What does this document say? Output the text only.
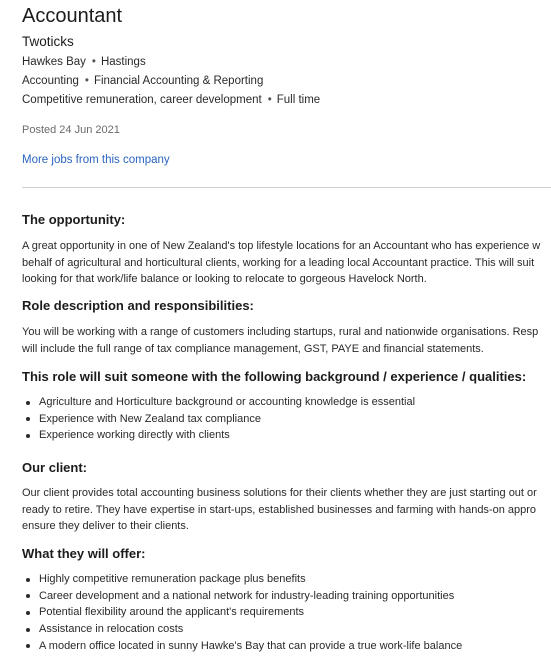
Accountant
Twoticks
Hawkes Bay • Hastings
Accounting • Financial Accounting & Reporting
Competitive remuneration, career development • Full time
Posted 24 Jun 2021
More jobs from this company
The opportunity:

A great opportunity in one of New Zealand's top lifestyle locations for an Accountant who has experience w
behalf of agricultural and horticultural clients, working for a leading local Accountant practice. This will suit
looking for that work/life balance or looking to relocate to gorgeous Havelock North.

Role description and responsibilities:

You will be working with a range of customers including startups, rural and nationwide organisations. Resp
will include the full range of tax compliance management, GST, PAYE and financial statements.

This role will suit someone with the following background / experience / qualities:
Agriculture and Horticulture background or accounting knowledge is essential
Experience with New Zealand tax compliance
Experience working directly with clients
Our client:

Our client provides total accounting business solutions for their clients whether they are just starting out or
ready to retire. They have expertise in start-ups, established businesses and farming with hands-on appro
ensure they deliver to their clients.

What they will offer:
Highly competitive remuneration package plus benefits
Career development and a national network for industry-leading training opportunities
Potential flexibility around the applicant's requirements
Assistance in relocation costs
A modern office located in sunny Hawke's Bay that can provide a true work-life balance
